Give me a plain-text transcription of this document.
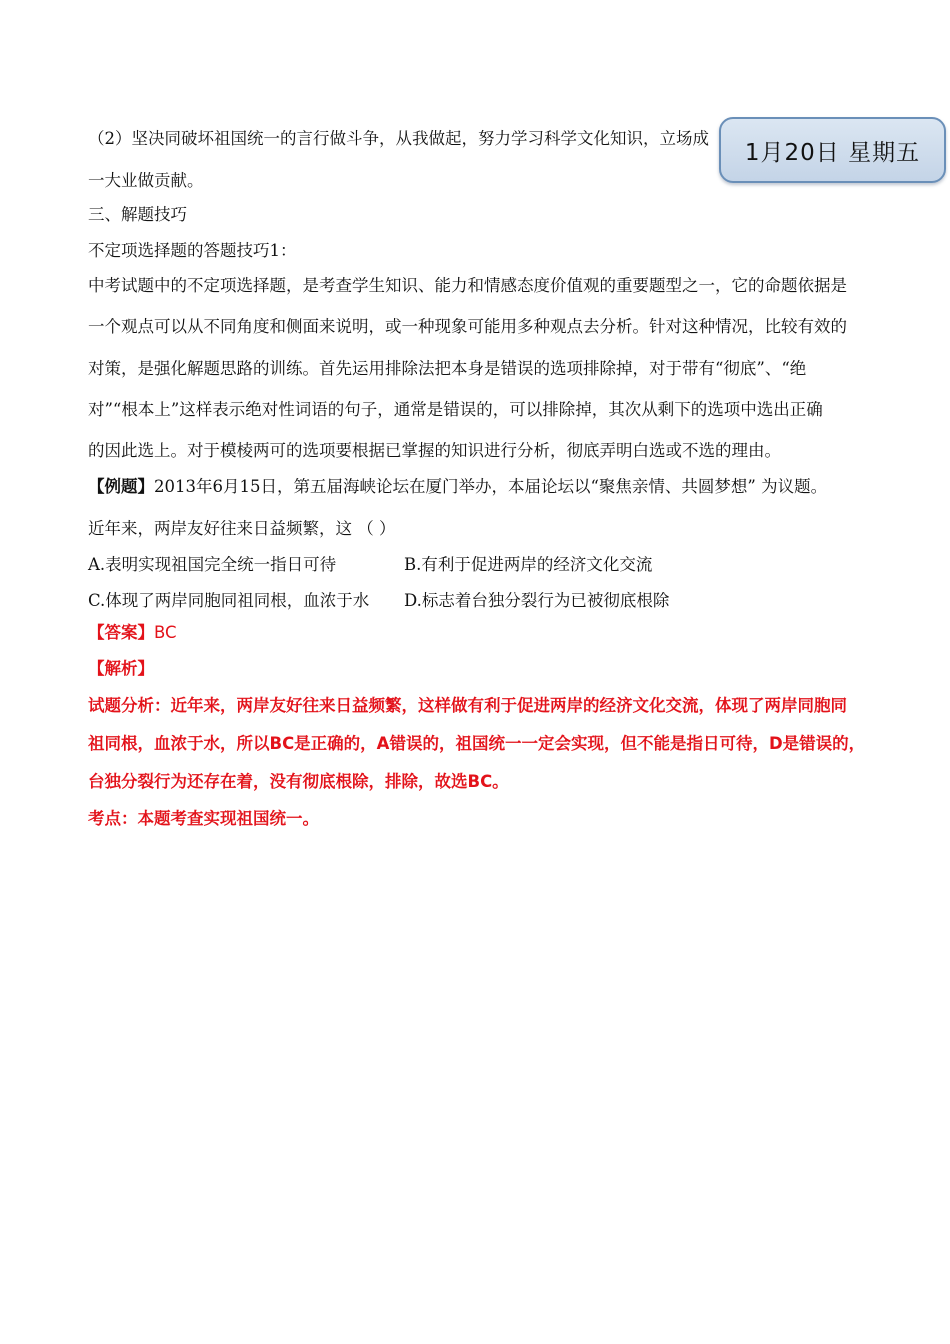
1月20日 星期五
（2）坚决同破坏祖国统一的言行做斗争，从我做起，努力学习科学文化知识，立场成
一大业做贡献。
三、解题技巧
不定项选择题的答题技巧1：
中考试题中的不定项选择题，是考查学生知识、能力和情感态度价值观的重要题型之一，它的命题依据是
一个观点可以从不同角度和侧面来说明，或一种现象可能用多种观点去分析。针对这种情况，比较有效的
对策，是强化解题思路的训练。首先运用排除法把本身是错误的选项排除掉，对于带有“彻底”、“绝
对”“根本上”这样表示绝对性词语的句子，通常是错误的，可以排除掉，其次从剩下的选项中选出正确
的因此选上。对于模棱两可的选项要根据已掌握的知识进行分析，彻底弄明白选或不选的理由。
【例题】2013年6月15日，第五届海峡论坛在厦门举办，本届论坛以“聚焦亲情、共圆梦想” 为议题。
近年来，两岸友好往来日益频繁，这 （ ）
A.表明实现祖国完全统一指日可待	B.有利于促进两岸的经济文化交流
C.体现了两岸同胞同祖同根，血浓于水 D.标志着台独分裂行为已被彻底根除
【答案】BC
【解析】
试题分析：近年来，两岸友好往来日益频繁，这样做有利于促进两岸的经济文化交流，体现了两岸同胞同
祖同根，血浓于水，所以BC是正确的，A错误的，祖国统一一定会实现，但不能是指日可待，D是错误的，
台独分裂行为还存在着，没有彻底根除，排除，故选BC。
考点：本题考查实现祖国统一。
